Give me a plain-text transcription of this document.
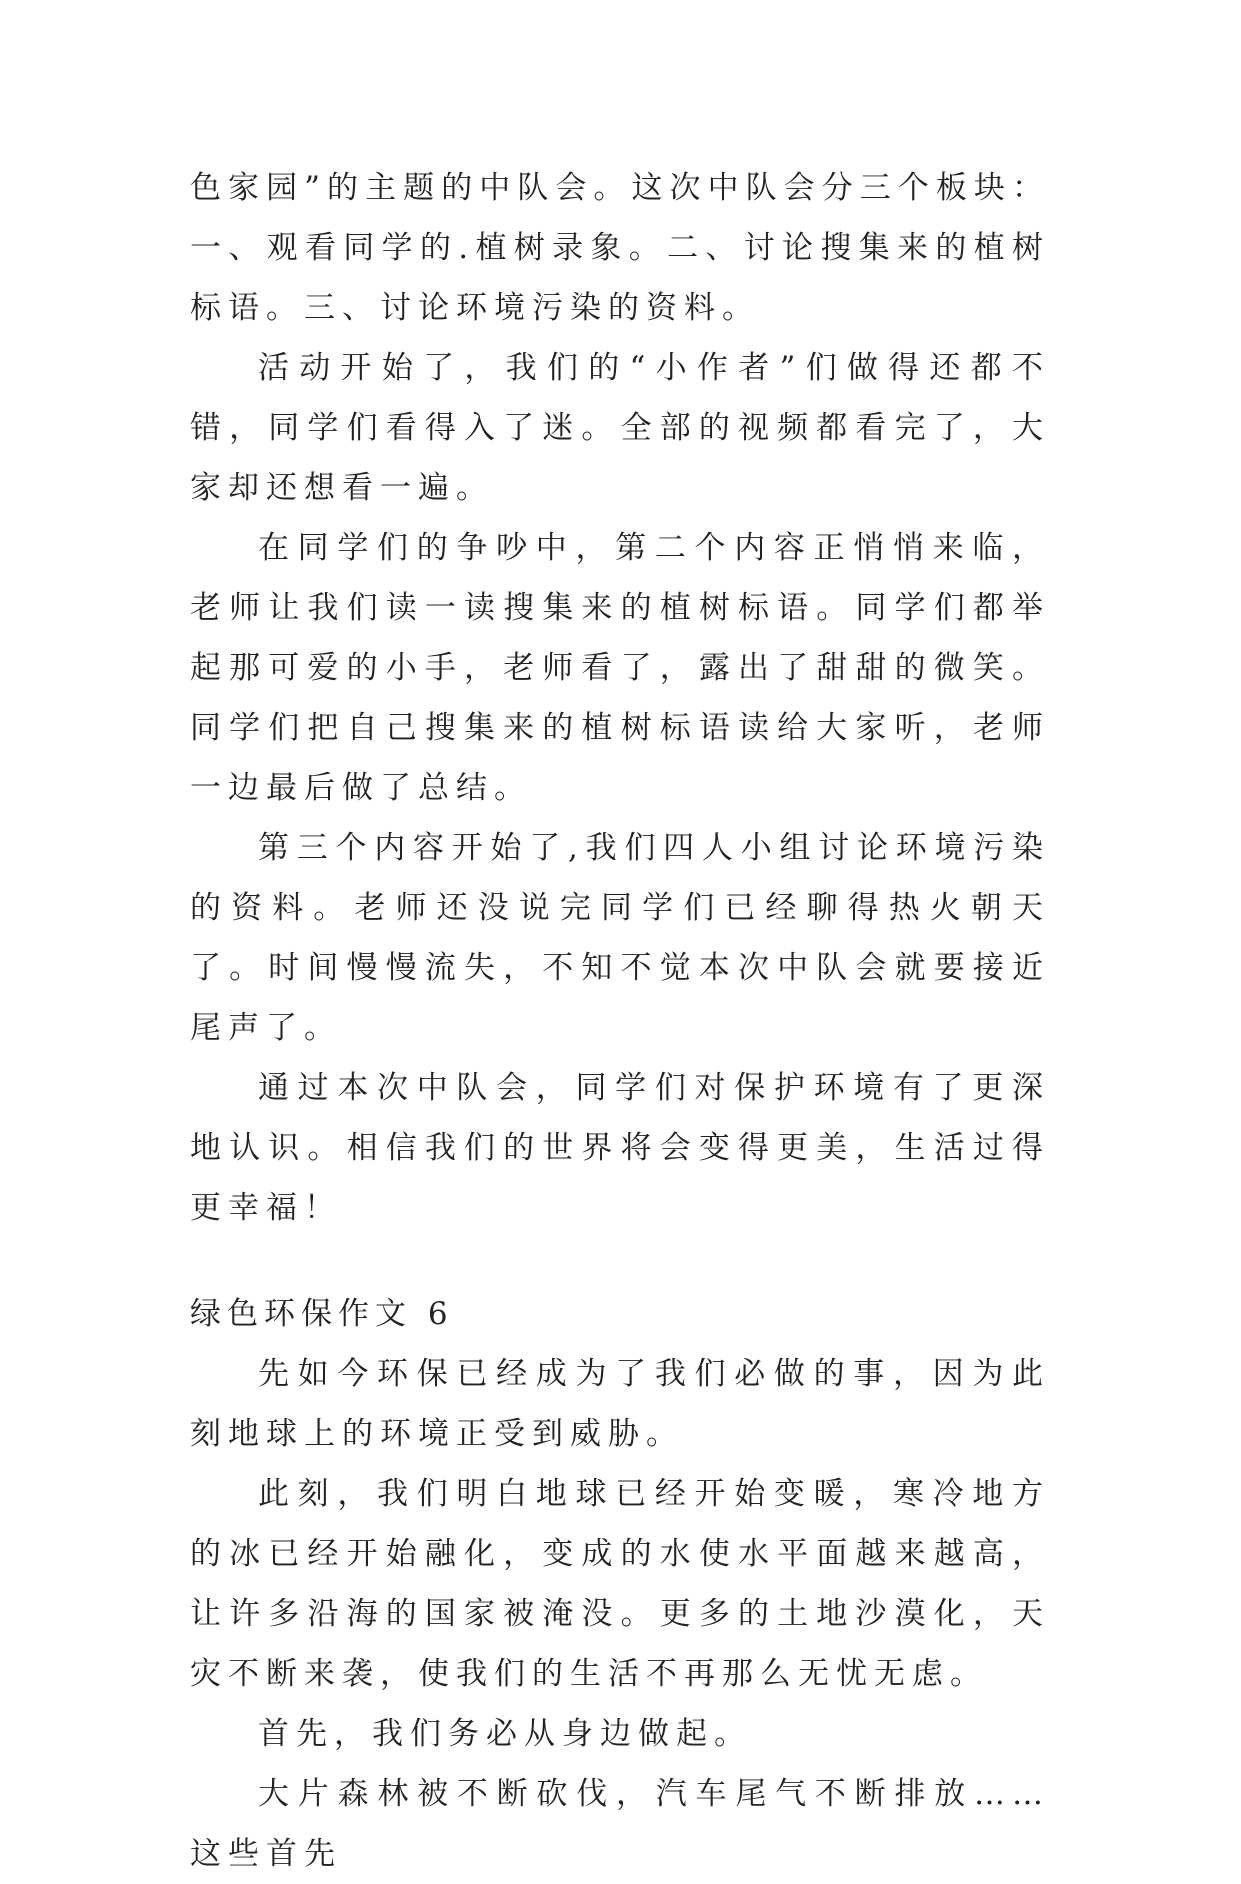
色家园”的主题的中队会。这次中队会分三个板块：一、观看同学的.植树录象。二、讨论搜集来的植树标语。三、讨论环境污染的资料。

活动开始了，我们的“小作者”们做得还都不错，同学们看得入了迷。全部的视频都看完了，大家却还想看一遍。

在同学们的争吵中，第二个内容正悄悄来临，老师让我们读一读搜集来的植树标语。同学们都举起那可爱的小手，老师看了，露出了甜甜的微笑。同学们把自己搜集来的植树标语读给大家听，老师一边最后做了总结。

第三个内容开始了,我们四人小组讨论环境污染的资料。老师还没说完同学们已经聊得热火朝天了。时间慢慢流失，不知不觉本次中队会就要接近尾声了。

通过本次中队会，同学们对保护环境有了更深地认识。相信我们的世界将会变得更美，生活过得更幸福！

绿色环保作文 6

先如今环保已经成为了我们必做的事，因为此刻地球上的环境正受到威胁。

此刻，我们明白地球已经开始变暖，寒冷地方的冰已经开始融化，变成的水使水平面越来越高，让许多沿海的国家被淹没。更多的土地沙漠化，天灾不断来袭，使我们的生活不再那么无忧无虑。

首先，我们务必从身边做起。

大片森林被不断砍伐，汽车尾气不断排放……这些首先
